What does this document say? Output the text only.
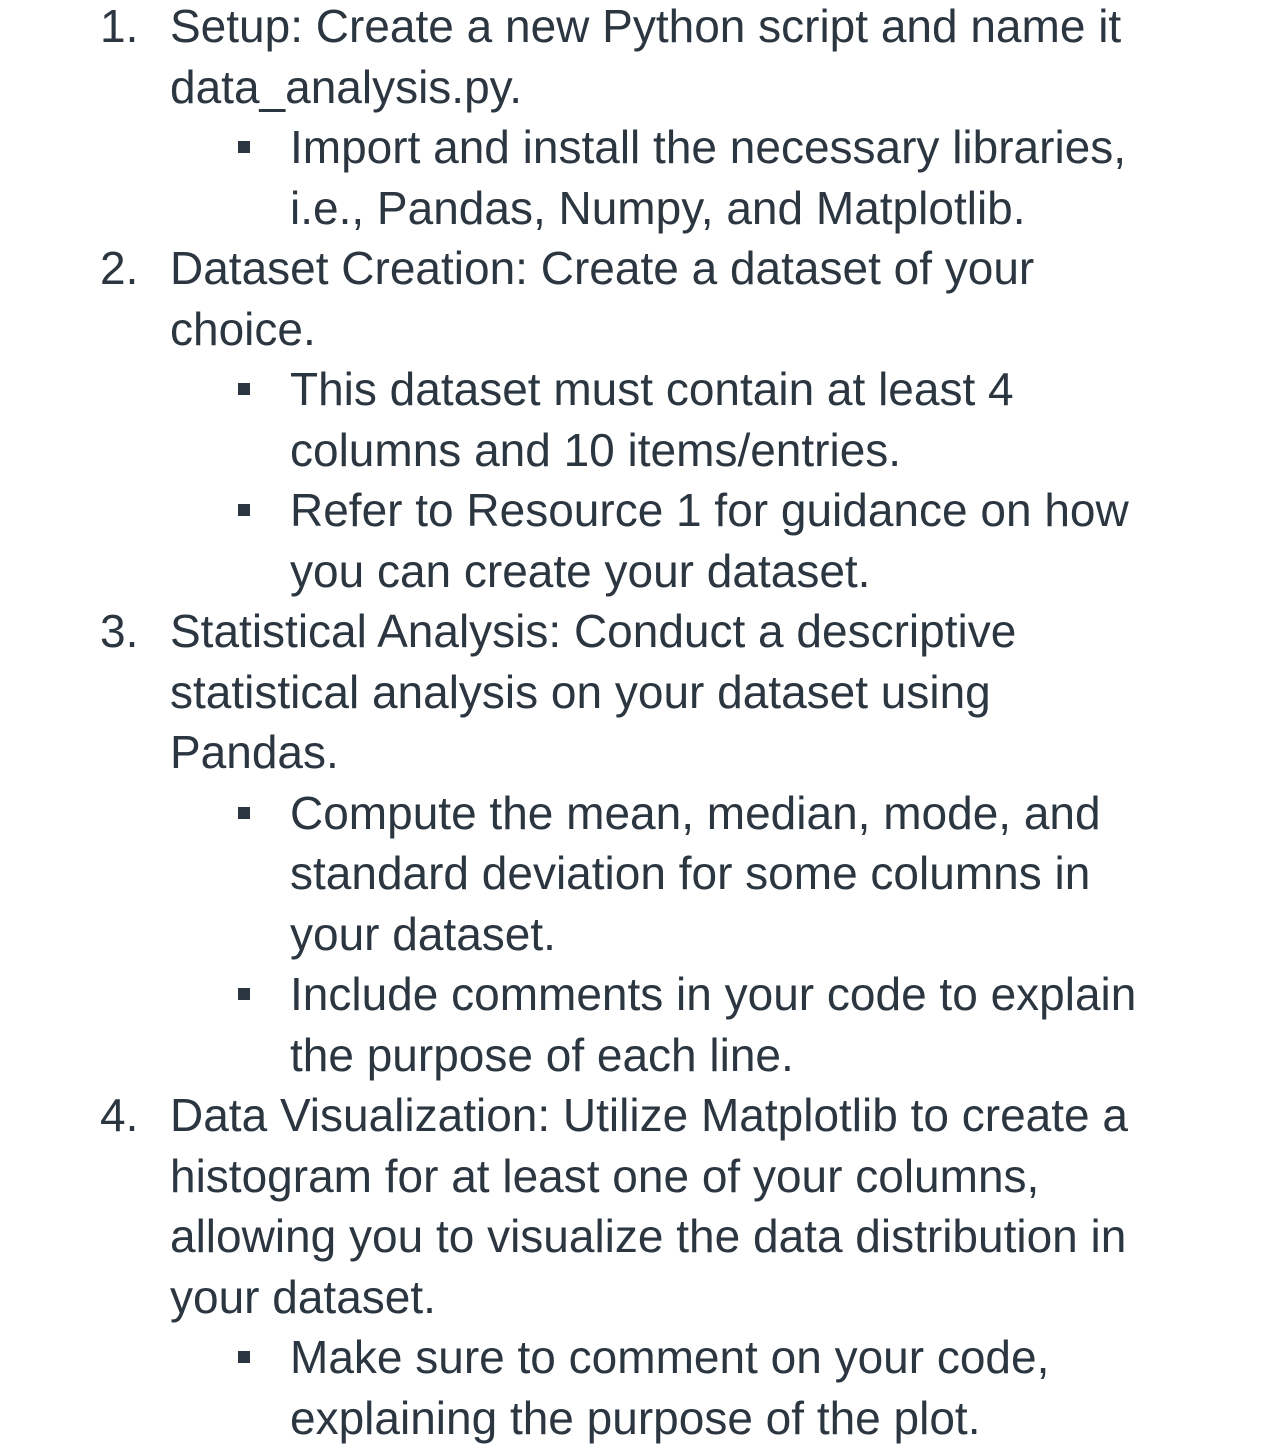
1. Setup: Create a new Python script and name it
data_analysis.py.
Import and install the necessary libraries,
i.e., Pandas, Numpy, and Matplotlib.
2. Dataset Creation: Create a dataset of your
choice.
This dataset must contain at least 4
columns and 10 items/entries.
Refer to Resource 1 for guidance on how
you can create your dataset.
3. Statistical Analysis: Conduct a descriptive
statistical analysis on your dataset using
Pandas.
Compute the mean, median, mode, and
standard deviation for some columns in
your dataset.
Include comments in your code to explain
the purpose of each line.
4. Data Visualization: Utilize Matplotlib to create a
histogram for at least one of your columns,
allowing you to visualize the data distribution in
your dataset.
Make sure to comment on your code,
explaining the purpose of the plot.
